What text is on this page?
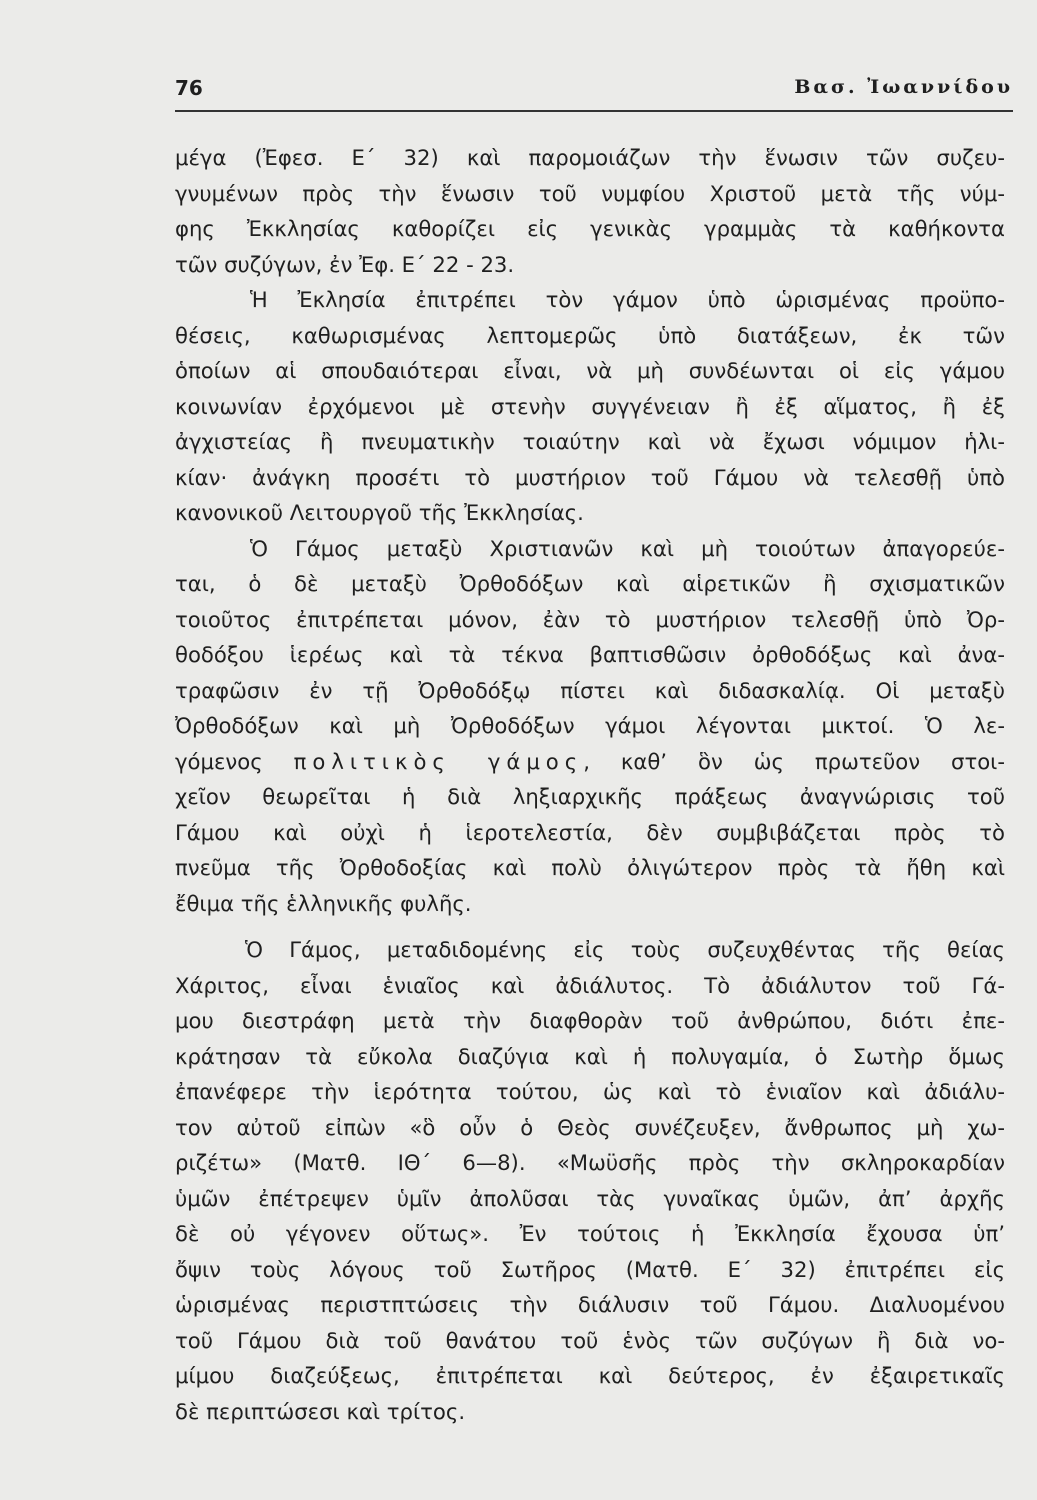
76	Βασ. Ἰωαννίδου
μέγα (Ἐφεσ. Ε΄ 32) καὶ παρομοιάζων τὴν ἕνωσιν τῶν συζευ-
γνυμένων πρὸς τὴν ἕνωσιν τοῦ νυμφίου Χριστοῦ μετὰ τῆς νύμ-
φης Ἐκκλησίας καθορίζει εἰς γενικὰς γραμμὰς τὰ καθήκοντα
τῶν συζύγων, ἐν Ἐφ. Ε΄ 22 - 23.
Ἡ Ἐκλησία ἐπιτρέπει τὸν γάμον ὑπὸ ὡρισμένας προϋπο-
θέσεις, καθωρισμένας λεπτομερῶς ὑπὸ διατάξεων, ἐκ τῶν
ὁποίων αἱ σπουδαιότεραι εἶναι, νὰ μὴ συνδέωνται οἱ εἰς γάμου
κοινωνίαν ἐρχόμενοι μὲ στενὴν συγγένειαν ἢ ἐξ αἵματος, ἢ ἐξ
ἀγχιστείας ἢ πνευματικὴν τοιαύτην καὶ νὰ ἔχωσι νόμιμον ἡλι-
κίαν· ἀνάγκη προσέτι τὸ μυστήριον τοῦ Γάμου νὰ τελεσθῇ ὑπὸ
κανονικοῦ Λειτουργοῦ τῆς Ἐκκλησίας.
Ὁ Γάμος μεταξὺ Χριστιανῶν καὶ μὴ τοιούτων ἀπαγορεύε-
ται, ὁ δὲ μεταξὺ Ὀρθοδόξων καὶ αἱρετικῶν ἢ σχισματικῶν
τοιοῦτος ἐπιτρέπεται μόνον, ἐὰν τὸ μυστήριον τελεσθῇ ὑπὸ Ὀρ-
θοδόξου ἱερέως καὶ τὰ τέκνα βαπτισθῶσιν ὀρθοδόξως καὶ ἀνα-
τραφῶσιν ἐν τῇ Ὀρθοδόξῳ πίστει καὶ διδασκαλίᾳ. Οἱ μεταξὺ
Ὀρθοδόξων καὶ μὴ Ὀρθοδόξων γάμοι λέγονται μικτοί. Ὁ λε-
γόμενος πολιτικὸς γάμος, καθ’ ὃν ὡς πρωτεῦον στοι-
χεῖον θεωρεῖται ἡ διὰ ληξιαρχικῆς πράξεως ἀναγνώρισις τοῦ
Γάμου καὶ οὐχὶ ἡ ἱεροτελεστία, δὲν συμβιβάζεται πρὸς τὸ
πνεῦμα τῆς Ὀρθοδοξίας καὶ πολὺ ὀλιγώτερον πρὸς τὰ ἤθη καὶ
ἔθιμα τῆς ἑλληνικῆς φυλῆς.
Ὁ Γάμος, μεταδιδομένης εἰς τοὺς συζευχθέντας τῆς θείας
Χάριτος, εἶναι ἑνιαῖος καὶ ἀδιάλυτος. Τὸ ἀδιάλυτον τοῦ Γά-
μου διεστράφη μετὰ τὴν διαφθορὰν τοῦ ἀνθρώπου, διότι ἐπε-
κράτησαν τὰ εὔκολα διαζύγια καὶ ἡ πολυγαμία, ὁ Σωτὴρ ὅμως
ἐπανέφερε τὴν ἱερότητα τούτου, ὡς καὶ τὸ ἑνιαῖον καὶ ἀδιάλυ-
τον αὐτοῦ εἰπὼν «ὃ οὖν ὁ Θεὸς συνέζευξεν, ἄνθρωπος μὴ χω-
ριζέτω» (Ματθ. ΙΘ΄ 6—8). «Μωϋσῆς πρὸς τὴν σκληροκαρδίαν
ὑμῶν ἐπέτρεψεν ὑμῖν ἀπολῦσαι τὰς γυναῖκας ὑμῶν, ἀπ’ ἀρχῆς
δὲ οὐ γέγονεν οὕτως». Ἐν τούτοις ἡ Ἐκκλησία ἔχουσα ὑπ’
ὄψιν τοὺς λόγους τοῦ Σωτῆρος (Ματθ. Ε΄ 32) ἐπιτρέπει εἰς
ὡρισμένας περιστπτώσεις τὴν διάλυσιν τοῦ Γάμου. Διαλυομένου
τοῦ Γάμου διὰ τοῦ θανάτου τοῦ ἑνὸς τῶν συζύγων ἢ διὰ νο-
μίμου διαζεύξεως, ἐπιτρέπεται καὶ δεύτερος, ἐν ἐξαιρετικαῖς
δὲ περιπτώσεσι καὶ τρίτος.
